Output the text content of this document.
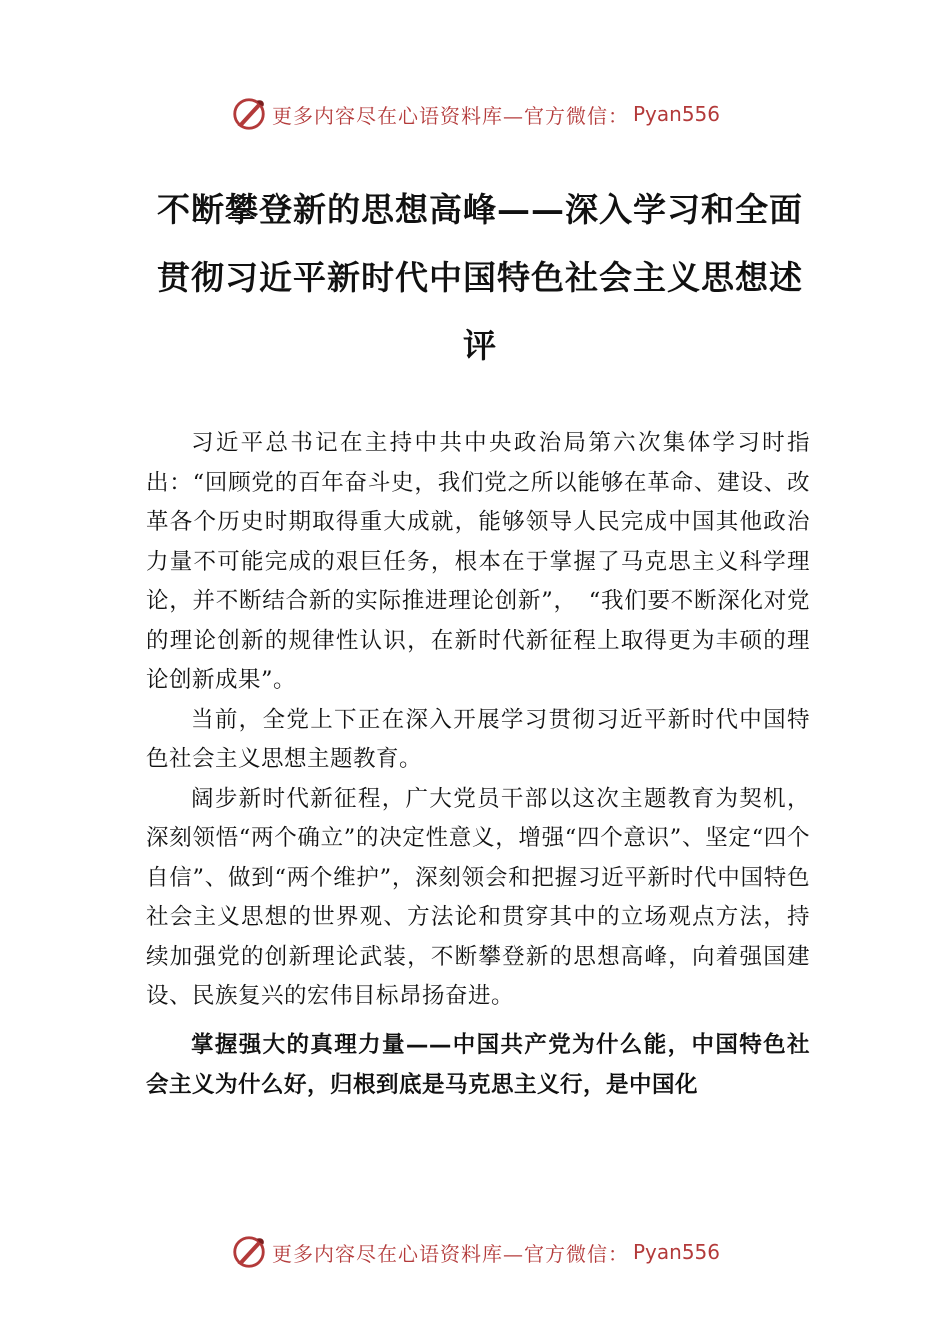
更多内容尽在心语资料库—官方微信： Pyan556
不断攀登新的思想高峰——深入学习和全面贯彻习近平新时代中国特色社会主义思想述评

习近平总书记在主持中共中央政治局第六次集体学习时指出：“回顾党的百年奋斗史，我们党之所以能够在革命、建设、改革各个历史时期取得重大成就，能够领导人民完成中国其他政治力量不可能完成的艰巨任务，根本在于掌握了马克思主义科学理论，并不断结合新的实际推进理论创新”，　“我们要不断深化对党的理论创新的规律性认识，在新时代新征程上取得更为丰硕的理论创新成果”。

当前，全党上下正在深入开展学习贯彻习近平新时代中国特色社会主义思想主题教育。

阔步新时代新征程，广大党员干部以这次主题教育为契机，深刻领悟“两个确立”的决定性意义，增强“四个意识”、坚定“四个自信”、做到“两个维护”，深刻领会和把握习近平新时代中国特色社会主义思想的世界观、方法论和贯穿其中的立场观点方法，持续加强党的创新理论武装，不断攀登新的思想高峰，向着强国建设、民族复兴的宏伟目标昂扬奋进。

掌握强大的真理力量——中国共产党为什么能，中国特色社会主义为什么好，归根到底是马克思主义行，是中国化

更多内容尽在心语资料库—官方微信： Pyan556
